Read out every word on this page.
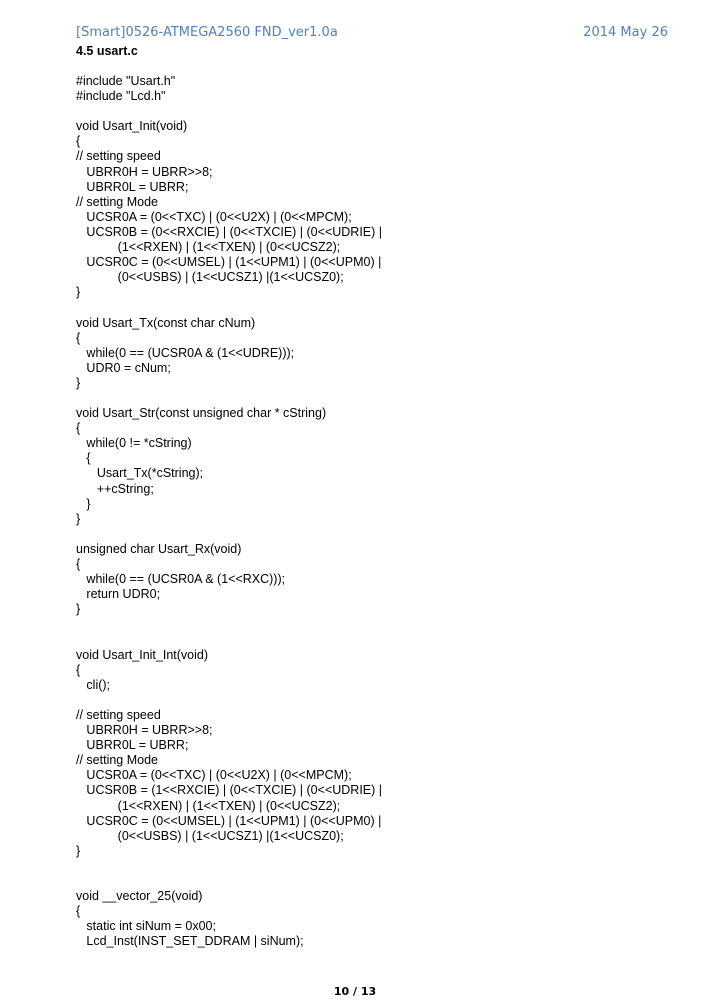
[Smart]0526-ATMEGA2560 FND_ver1.0a	2014 May 26
4.5 usart.c
#include "Usart.h"
#include "Lcd.h"
void Usart_Init(void)
{
// setting speed
UBRR0H = UBRR>>8;
UBRR0L = UBRR;
// setting Mode
UCSR0A = (0<<TXC) | (0<<U2X) | (0<<MPCM);
UCSR0B = (0<<RXCIE) | (0<<TXCIE) | (0<<UDRIE) |
(1<<RXEN) | (1<<TXEN) | (0<<UCSZ2);
UCSR0C = (0<<UMSEL) | (1<<UPM1) | (0<<UPM0) |
(0<<USBS) | (1<<UCSZ1) |(1<<UCSZ0);
}
void Usart_Tx(const char cNum)
{
while(0 == (UCSR0A & (1<<UDRE)));
UDR0 = cNum;
}
void Usart_Str(const unsigned char * cString)
{
while(0 != *cString)
{
Usart_Tx(*cString);
++cString;
}
}
unsigned char Usart_Rx(void)
{
while(0 == (UCSR0A & (1<<RXC)));
return UDR0;
}
void Usart_Init_Int(void)
{
cli();
// setting speed
UBRR0H = UBRR>>8;
UBRR0L = UBRR;
// setting Mode
UCSR0A = (0<<TXC) | (0<<U2X) | (0<<MPCM);
UCSR0B = (1<<RXCIE) | (0<<TXCIE) | (0<<UDRIE) |
(1<<RXEN) | (1<<TXEN) | (0<<UCSZ2);
UCSR0C = (0<<UMSEL) | (1<<UPM1) | (0<<UPM0) |
(0<<USBS) | (1<<UCSZ1) |(1<<UCSZ0);
}
void __vector_25(void)
{
static int siNum = 0x00;
Lcd_Inst(INST_SET_DDRAM | siNum);
10 / 13
